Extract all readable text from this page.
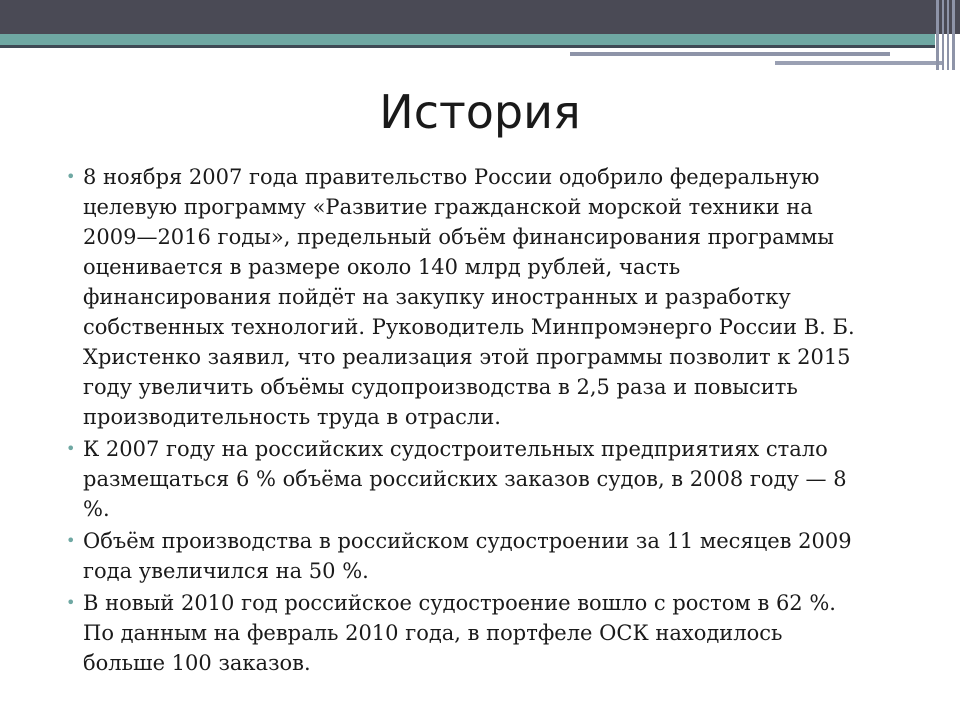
История
• 8 ноября 2007 года правительство России одобрило федеральную целевую программу «Развитие гражданской морской техники на 2009—2016 годы», предельный объём финансирования программы оценивается в размере около 140 млрд рублей, часть финансирования пойдёт на закупку иностранных и разработку собственных технологий. Руководитель Минпромэнерго России В. Б. Христенко заявил, что реализация этой программы позволит к 2015 году увеличить объёмы судопроизводства в 2,5 раза и повысить производительность труда в отрасли.
• К 2007 году на российских судостроительных предприятиях стало размещаться 6 % объёма российских заказов судов, в 2008 году — 8 %.
• Объём производства в российском судостроении за 11 месяцев 2009 года увеличился на 50 %.
• В новый 2010 год российское судостроение вошло с ростом в 62 %. По данным на февраль 2010 года, в портфеле ОСК находилось больше 100 заказов.
